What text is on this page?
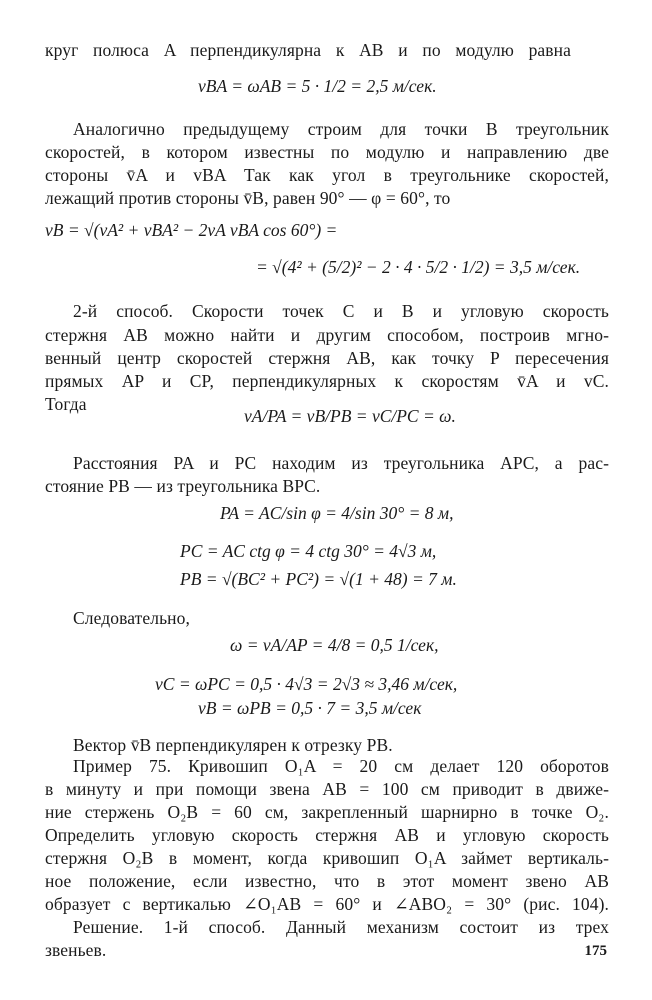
круг полюса A перпендикулярна к AB и по модулю равна
vBA = ωAB = 5 · 1/2 = 2,5 м/сек.
Аналогично предыдущему строим для точки B треугольник
скоростей, в котором известны по модулю и направлению две
стороны v̄A и vBA Так как угол в треугольнике скоростей,
лежащий против стороны v̄B, равен 90° — φ = 60°, то
vB = √(vA² + vBA² − 2vA vBA cos 60°) =
= √(4² + (5/2)² − 2 · 4 · 5/2 · 1/2) = 3,5 м/сек.
2-й способ. Скорости точек C и B и угловую скорость
стержня AB можно найти и другим способом, построив мгно-
венный центр скоростей стержня AB, как точку P пересечения
прямых AP и CP, перпендикулярных к скоростям v̄A и vC.
Тогда
vA/PA = vB/PB = vC/PC = ω.
Расстояния PA и PC находим из треугольника APC, а рас-
стояние PB — из треугольника BPC.
PA = AC/sin φ = 4/sin 30° = 8 м,
PC = AC ctg φ = 4 ctg 30° = 4√3 м,
PB = √(BC² + PC²) = √(1 + 48) = 7 м.
Следовательно,
ω = vA/AP = 4/8 = 0,5 1/сек,
vC = ωPC = 0,5 · 4√3 = 2√3 ≈ 3,46 м/сек,
vB = ωPB = 0,5 · 7 = 3,5 м/сек
Вектор v̄B перпендикулярен к отрезку PB.
Пример 75. Кривошип O₁A = 20 см делает 120 оборотов
в минуту и при помощи звена AB = 100 см приводит в движе-
ние стержень O₂B = 60 см, закрепленный шарнирно в точке O₂.
Определить угловую скорость стержня AB и угловую скорость
стержня O₂B в момент, когда кривошип O₁A займет вертикаль-
ное положение, если известно, что в этот момент звено AB
образует с вертикалью ∠O₁AB = 60° и ∠ABO₂ = 30° (рис. 104).
Решение. 1-й способ. Данный механизм состоит из трех
звеньев.	175
